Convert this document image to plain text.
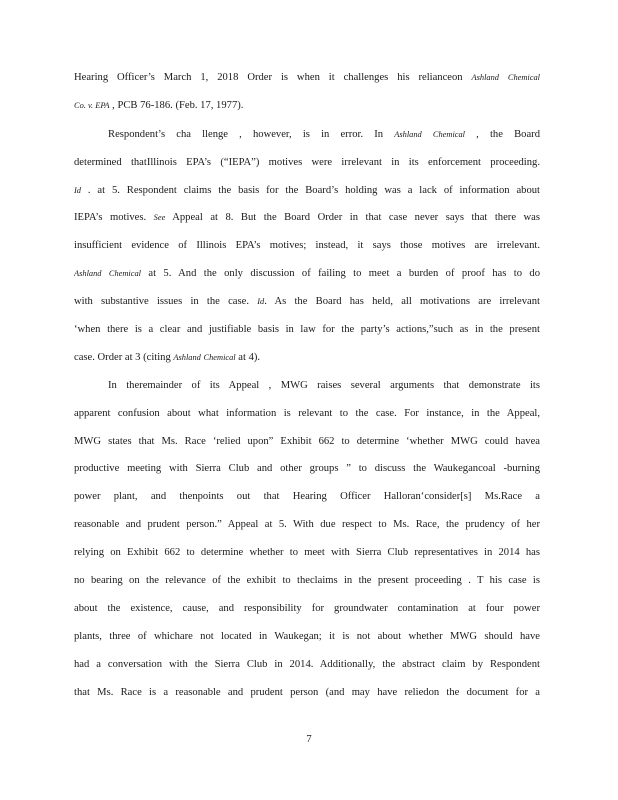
Hearing Officer’s March 1, 2018 Order is when it challenges his relianceon Ashland Chemical
Co. v. EPA , PCB 76-186. (Feb. 17, 1977).
Respondent’s cha llenge , however, is in error. In Ashland Chemical , the Board
determined thatIllinois EPA’s (“IEPA”) motives were irrelevant in its enforcement proceeding.
Id . at 5. Respondent claims the basis for the Board’s holding was a lack of information about
IEPA’s motives. See Appeal at 8. But the Board Order in that case never says that there was
insufficient evidence of Illinois EPA’s motives; instead, it says those motives are irrelevant.
Ashland Chemical at 5. And the only discussion of failing to meet a burden of proof has to do
with substantive issues in the case. Id. As the Board has held, all motivations are irrelevant
‘when there is a clear and justifiable basis in law for the party’s actions,”such as in the present
case. Order at 3 (citing Ashland Chemical at 4).
In theremainder of its Appeal , MWG raises several arguments that demonstrate its
apparent confusion about what information is relevant to the case. For instance, in the Appeal,
MWG states that Ms. Race ‘relied upon” Exhibit 662 to determine ‘whether MWG could havea
productive meeting with Sierra Club and other groups ” to discuss the Waukegancoal -burning
power plant, and thenpoints out that Hearing Officer Halloran‘consider[s] Ms.Race a
reasonable and prudent person.” Appeal at 5. With due respect to Ms. Race, the prudency of her
relying on Exhibit 662 to determine whether to meet with Sierra Club representatives in 2014 has
no bearing on the relevance of the exhibit to theclaims in the present proceeding . T his case is
about the existence, cause, and responsibility for groundwater contamination at four power
plants, three of whichare not located in Waukegan; it is not about whether MWG should have
had a conversation with the Sierra Club in 2014. Additionally, the abstract claim by Respondent
that Ms. Race is a reasonable and prudent person (and may have reliedon the document for a
7
